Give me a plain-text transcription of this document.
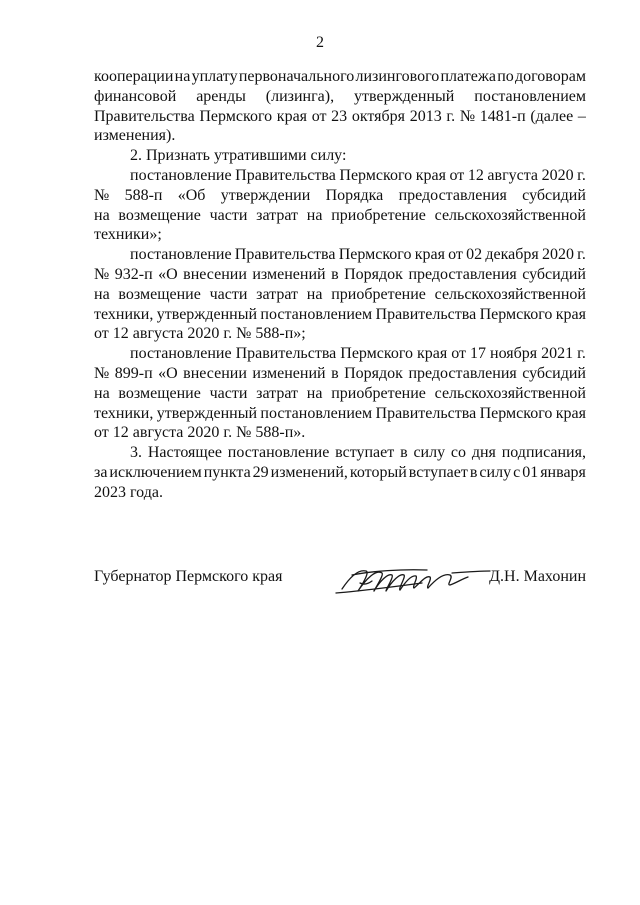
2
кооперации на уплату первоначального лизингового платежа по договорам
финансовой аренды (лизинга), утвержденный постановлением
Правительства Пермского края от 23 октября 2013 г. № 1481-п (далее –
изменения).
2. Признать утратившими силу:
постановление Правительства Пермского края от 12 августа 2020 г.
№ 588-п «Об утверждении Порядка предоставления субсидий
на возмещение части затрат на приобретение сельскохозяйственной
техники»;
постановление Правительства Пермского края от 02 декабря 2020 г.
№ 932-п «О внесении изменений в Порядок предоставления субсидий
на возмещение части затрат на приобретение сельскохозяйственной
техники, утвержденный постановлением Правительства Пермского края
от 12 августа 2020 г. № 588-п»;
постановление Правительства Пермского края от 17 ноября 2021 г.
№ 899-п «О внесении изменений в Порядок предоставления субсидий
на возмещение части затрат на приобретение сельскохозяйственной
техники, утвержденный постановлением Правительства Пермского края
от 12 августа 2020 г. № 588-п».
3. Настоящее постановление вступает в силу со дня подписания,
за исключением пункта 29 изменений, который вступает в силу с 01 января
2023 года.
Губернатор Пермского края	Д.Н. Махонин
